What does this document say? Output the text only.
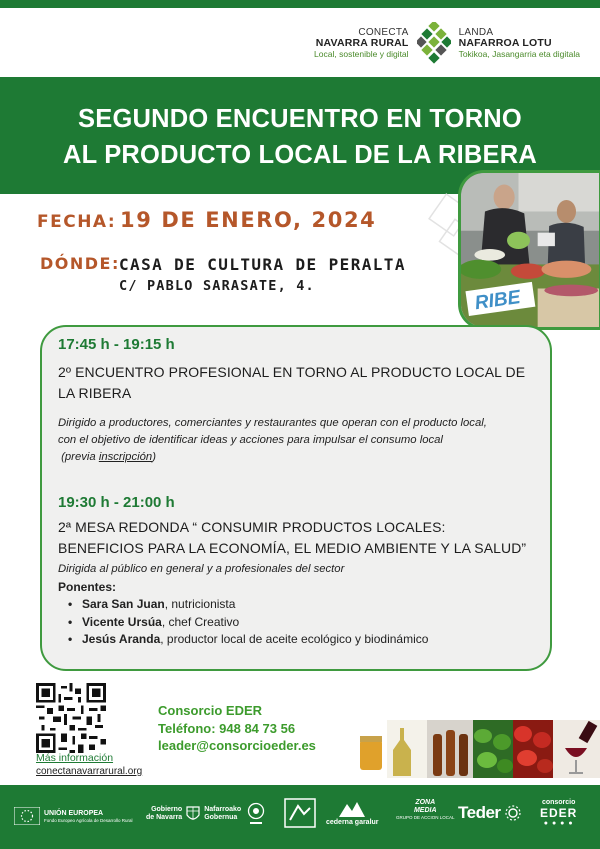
CONECTA
NAVARRA RURAL
Local, sostenible y digital
LANDA
NAFARROA LOTU
Tokikoa, Jasangarria eta digitala
SEGUNDO ENCUENTRO EN TORNO
AL PRODUCTO LOCAL DE LA RIBERA
RIBE
FECHA: 19 DE ENERO, 2024
DÓNDE: CASA DE CULTURA DE PERALTA
C/ PABLO SARASATE, 4.
17:45 h - 19:15 h
2º ENCUENTRO PROFESIONAL EN TORNO AL PRODUCTO LOCAL DE LA RIBERA
Dirigido a productores, comerciantes y restaurantes que operan con el producto local,
con el objetivo de identificar ideas y acciones para impulsar el consumo local
(previa inscripción)
19:30 h - 21:00 h
2ª MESA REDONDA “ CONSUMIR PRODUCTOS LOCALES: BENEFICIOS PARA LA ECONOMÍA, EL MEDIO AMBIENTE Y LA SALUD”
Dirigida al público en general y a profesionales del sector
Ponentes:
• Sara San Juan, nutricionista
• Vicente Ursúa, chef Creativo
• Jesús Aranda, productor local de aceite ecológico y biodinámico
Más información
conectanavarrarural.org
Consorcio EDER
Teléfono: 948 84 73 56
leader@consorcioeder.es
UNIÓN EUROPEA
Fondo Europeo Agrícola de Desarrollo Rural
Gobierno
de Navarra
Nafarroako
Gobernua
cederna garalur
ZONA
MEDIA
GRUPO DE ACCION LOCAL Teder
consorcio
EDER
● ● ● ●
